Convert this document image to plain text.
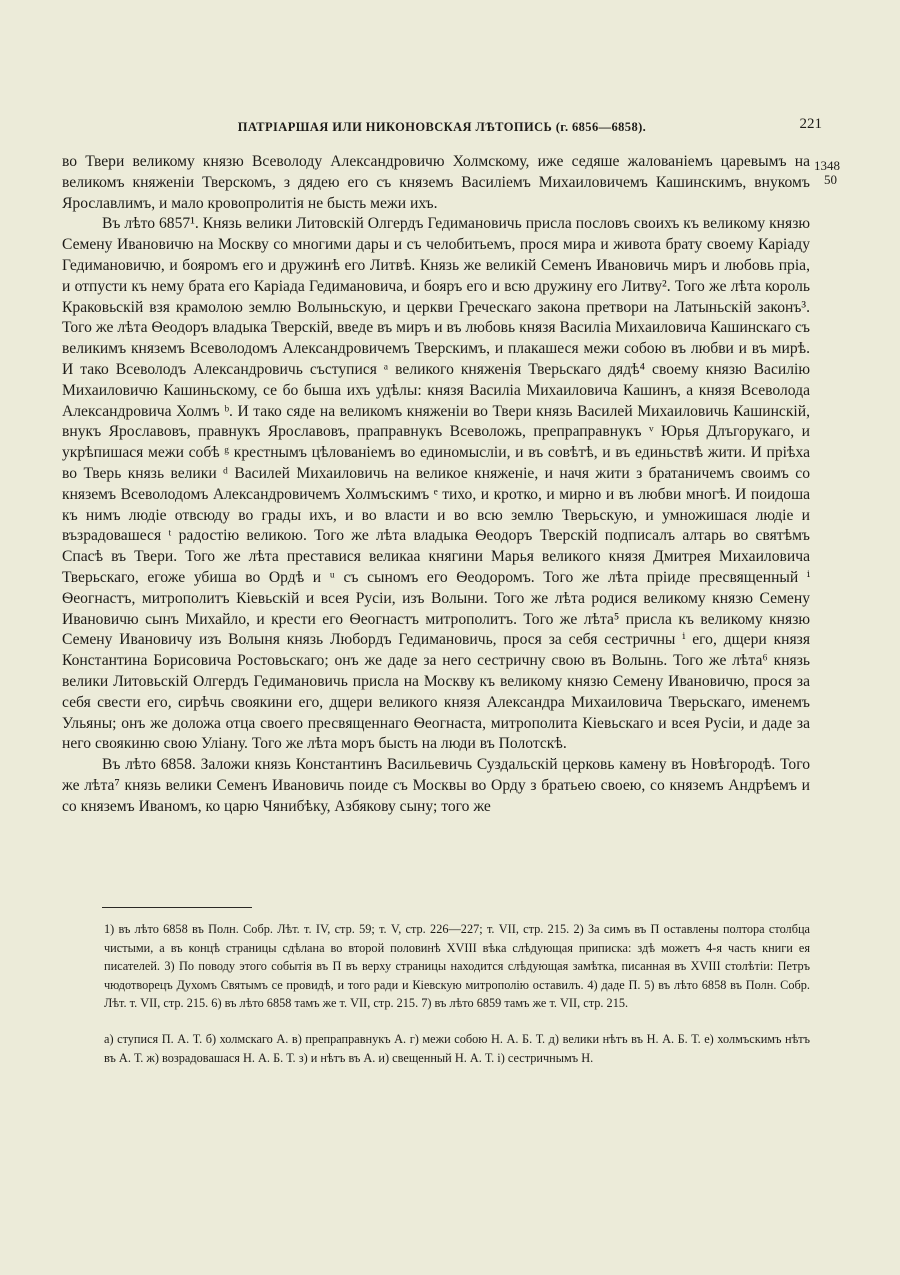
ПАТРІАРШАЯ ИЛИ НИКОНОВСКАЯ ЛѢТОПИСЬ (г. 6856—6858).	221
1348
50

во Твери великому князю Всеволоду Александровичю Холмскому, иже седяше жалованіемъ царевымъ на великомъ княженіи Тверскомъ, з дядею его съ княземъ Василіемъ Михаиловичемъ Кашинскимъ, внукомъ Ярославлимъ, и мало кровопролитія не бысть межи ихъ.

Въ лѣто 6857¹. Князь велики Литовскій Олгердъ Гедимановичь присла пословъ своихъ къ великому князю Семену Ивановичю на Москву со многими дары и съ челобитьемъ, прося мира и живота брату своему Каріаду Гедимановичю, и бояромъ его и дружинѣ его Литвѣ. Князь же великій Семенъ Ивановичь миръ и любовь пріа, и отпусти къ нему брата его Каріада Гедимановича, и бояръ его и всю дружину его Литву². Того же лѣта король Краковьскій взя крамолою землю Волыньскую, и церкви Греческаго закона претвори на Латыньскій законъ³. Того же лѣта Ѳеодоръ владыка Тверскій, введе въ миръ и въ любовь князя Василіа Михаиловича Кашинскаго съ великимъ княземъ Всеволодомъ Александровичемъ Тверскимъ, и плакашеся межи собою въ любви и въ мирѣ. И тако Всеволодъ Александровичь съступися ᵃ великого княженія Тверьскаго дядѣ⁴ своему князю Василію Михаиловичю Кашиньскому, се бо быша ихъ удѣлы: князя Василіа Михаиловича Кашинъ, а князя Всеволода Александровича Холмъ ᵇ. И тако сяде на великомъ княженіи во Твери князь Василей Михаиловичь Кашинскій, внукъ Ярославовъ, правнукъ Ярославовъ, праправнукъ Всеволожь, препраправнукъ ᵛ Юрья Длъгорукаго, и укрѣпишася межи собѣ ᵍ крестнымъ цѣлованіемъ во единомысліи, и въ совѣтѣ, и въ единьствѣ жити. И пріѣха во Тверь князь велики ᵈ Василей Михаиловичь на великое княженіе, и начя жити з братаничемъ своимъ со княземъ Всеволодомъ Александровичемъ Холмъскимъ ᵉ тихо, и кротко, и мирно и въ любви многѣ. И поидоша къ нимъ людіе отвсюду во грады ихъ, и во власти и во всю землю Тверьскую, и умножишася людіе и възрадовашеся ᵗ радостію великою. Того же лѣта владыка Ѳеодоръ Тверскій подписалъ алтарь во святѣмъ Спасѣ въ Твери. Того же лѣта преставися великаа княгини Марья великого князя Дмитрея Михаиловича Тверьскаго, егоже убиша во Ордѣ и ᵘ съ сыномъ его Ѳеодоромъ. Того же лѣта пріиде пресвященный ⁱ Ѳеогнастъ, митрополитъ Кіевьскій и всея Русіи, изъ Волыни. Того же лѣта родися великому князю Семену Ивановичю сынъ Михайло, и крести его Ѳеогнастъ митрополитъ. Того же лѣта⁵ присла къ великому князю Семену Ивановичу изъ Волыня князь Любордъ Гедимановичь, прося за себя сестричны ⁱ его, дщери князя Константина Борисовича Ростовьскаго; онъ же даде за него сестричну свою въ Волынь. Того же лѣта⁶ князь велики Литовьскій Олгердъ Гедимановичь присла на Москву къ великому князю Семену Ивановичю, прося за себя свести его, сирѣчь своякини его, дщери великого князя Александра Михаиловича Тверьскаго, именемъ Ульяны; онъ же доложа отца своего пресвященнаго Ѳеогнаста, митрополита Кіевьскаго и всея Русіи, и даде за него своякиню свою Уліану. Того же лѣта моръ бысть на люди въ Полотскѣ.

Въ лѣто 6858. Заложи князь Константинъ Васильевичь Суздальскій церковь камену въ Новѣгородѣ. Того же лѣта⁷ князь велики Семенъ Ивановичь поиде съ Москвы во Орду з братьею своею, со княземъ Андрѣемъ и со княземъ Иваномъ, ко царю Чянибѣку, Азбякову сыну; того же

1) въ лѣто 6858 въ Полн. Собр. Лѣт. т. IV, стр. 59; т. V, стр. 226—227; т. VII, стр. 215. 2) За симъ въ П оставлены полтора столбца чистыми, а въ концѣ страницы сдѣлана во второй половинѣ XVIII вѣка слѣдующая приписка: здѣ можетъ 4-я часть книги ея писателей. 3) По поводу этого событія въ П въ верху страницы находится слѣдующая замѣтка, писанная въ XVIII столѣтіи: Петръ чюдотворецъ Духомъ Святымъ се провидѣ, и того ради и Кіевскую митрополію оставилъ. 4) даде П. 5) въ лѣто 6858 въ Полн. Собр. Лѣт. т. VII, стр. 215. 6) въ лѣто 6858 тамъ же т. VII, стр. 215. 7) въ лѣто 6859 тамъ же т. VII, стр. 215.

а) ступися П. А. Т. б) холмскаго А. в) препраправнукъ А. г) межи собою Н. А. Б. Т. д) велики нѣтъ въ Н. А. Б. Т. е) холмъскимъ нѣтъ въ А. Т. ж) возрадовашася Н. А. Б. Т. з) и нѣтъ въ А. и) свещенный Н. А. Т. і) сестричнымъ Н.
